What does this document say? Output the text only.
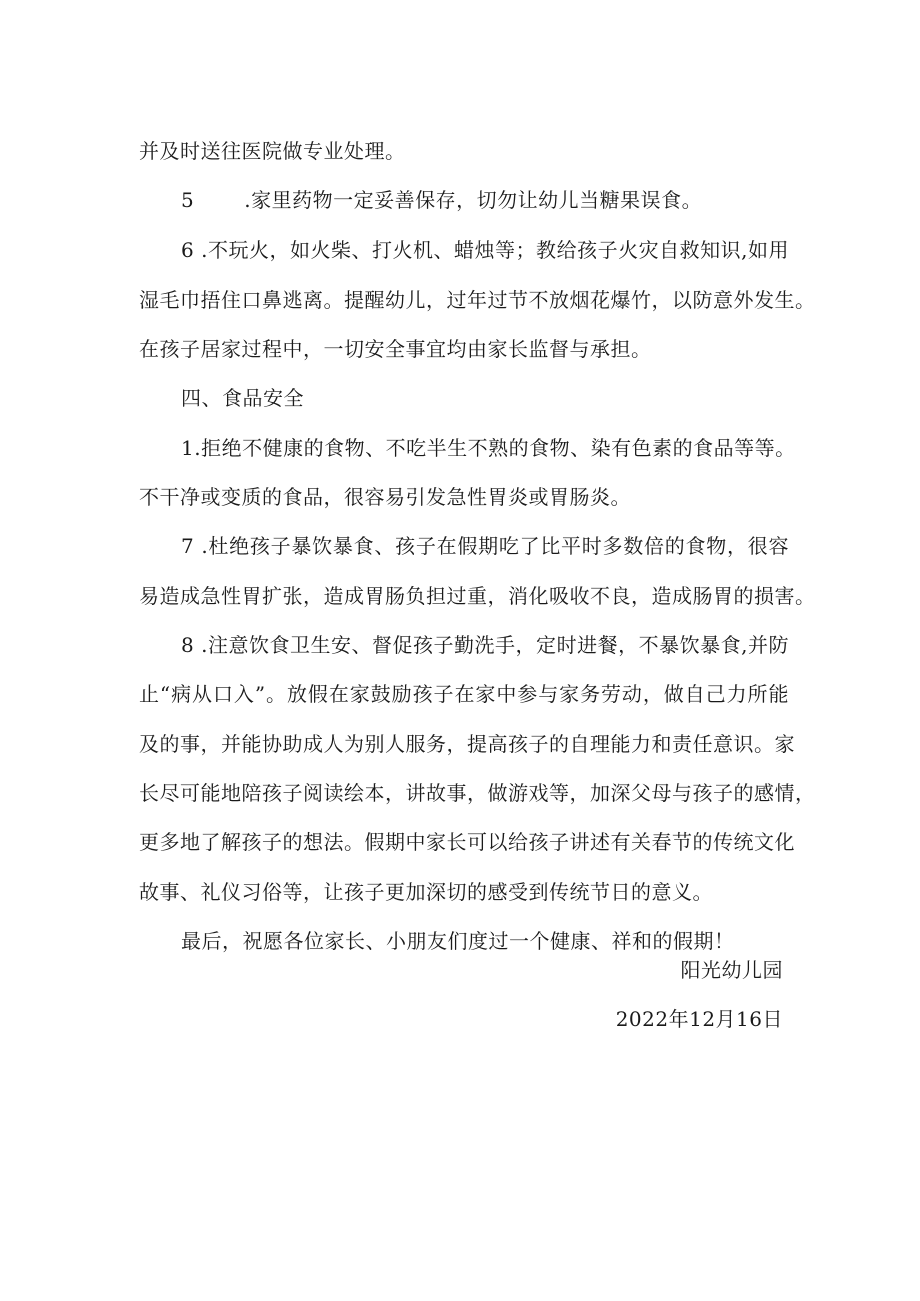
并及时送往医院做专业处理。
5	.家里药物一定妥善保存，切勿让幼儿当糖果误食。
6 .不玩火，如火柴、打火机、蜡烛等；教给孩子火灾自救知识,如用
湿毛巾捂住口鼻逃离。提醒幼儿，过年过节不放烟花爆竹，以防意外发生。
在孩子居家过程中，一切安全事宜均由家长监督与承担。
四、食品安全
1.拒绝不健康的食物、不吃半生不熟的食物、染有色素的食品等等。
不干净或变质的食品，很容易引发急性胃炎或胃肠炎。
7 .杜绝孩子暴饮暴食、孩子在假期吃了比平时多数倍的食物，很容
易造成急性胃扩张，造成胃肠负担过重，消化吸收不良，造成肠胃的损害。
8 .注意饮食卫生安、督促孩子勤洗手，定时进餐，不暴饮暴食,并防
止“病从口入”。放假在家鼓励孩子在家中参与家务劳动，做自己力所能
及的事，并能协助成人为别人服务，提高孩子的自理能力和责任意识。家
长尽可能地陪孩子阅读绘本，讲故事，做游戏等，加深父母与孩子的感情，
更多地了解孩子的想法。假期中家长可以给孩子讲述有关春节的传统文化
故事、礼仪习俗等，让孩子更加深切的感受到传统节日的意义。
最后，祝愿各位家长、小朋友们度过一个健康、祥和的假期！
阳光幼儿园
2022年12月16日
